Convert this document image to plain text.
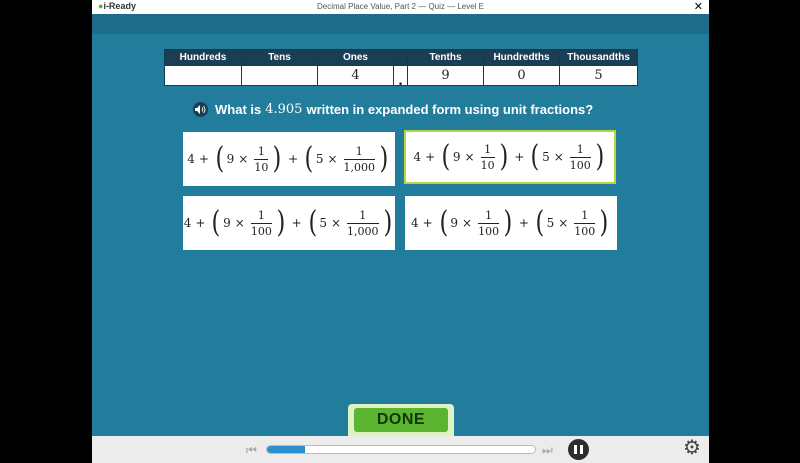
●i-Ready	Decimal Place Value, Part 2 — Quiz — Level E	✕
Hundreds	Tens	Ones		Tenths	Hundredths	Thousandths
		4	.	9	0	5
What is 4.905 written in expanded form using unit fractions?
4 + ( $9 \times \frac{1}{10}$ ) + ( $5 \times \frac{1}{1,000}$ ) 4 + ( $9 \times \frac{1}{10}$ ) + ( $5 \times \frac{1}{100}$ )
4 + ( $9 \times \frac{1}{100}$ ) + ( $5 \times \frac{1}{1,000}$ ) 4 + ( $9 \times \frac{1}{100}$ ) + ( $5 \times \frac{1}{100}$ )
DONE
⏮	⏭	⚙
